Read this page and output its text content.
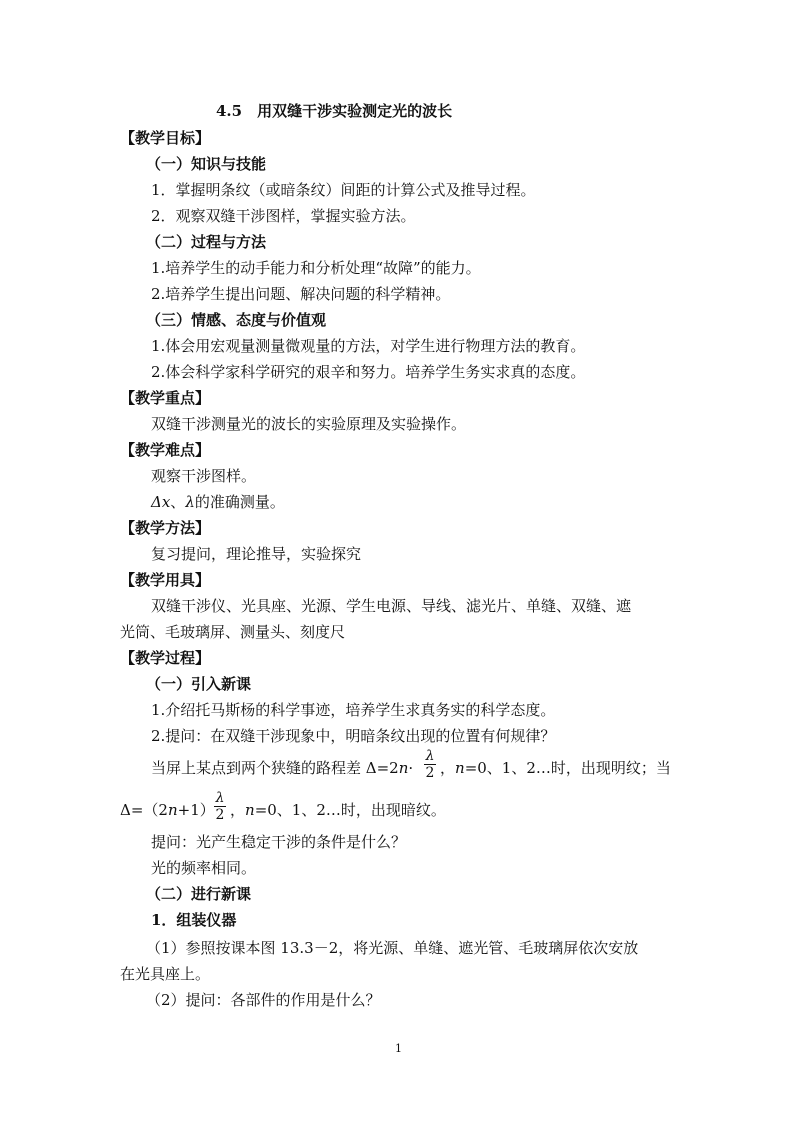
4.5　用双缝干涉实验测定光的波长
【教学目标】
（一）知识与技能
1．掌握明条纹（或暗条纹）间距的计算公式及推导过程。
2．观察双缝干涉图样，掌握实验方法。
（二）过程与方法
1.培养学生的动手能力和分析处理“故障”的能力。
2.培养学生提出问题、解决问题的科学精神。
（三）情感、态度与价值观
1.体会用宏观量测量微观量的方法，对学生进行物理方法的教育。
2.体会科学家科学研究的艰辛和努力。培养学生务实求真的态度。
【教学重点】
双缝干涉测量光的波长的实验原理及实验操作。
【教学难点】
观察干涉图样。
Δx、λ的准确测量。
【教学方法】
复习提问，理论推导，实验探究
【教学用具】
双缝干涉仪、光具座、光源、学生电源、导线、滤光片、单缝、双缝、遮
光筒、毛玻璃屏、测量头、刻度尺
【教学过程】
（一）引入新课
1.介绍托马斯杨的科学事迹，培养学生求真务实的科学态度。
2.提问：在双缝干涉现象中，明暗条纹出现的位置有何规律？
当屏上某点到两个狭缝的路程差 $\Delta=2n\cdot \frac{\lambda}{2}$ ，n=0、1、2…时，出现明纹；当
$\Delta=(2n+1) \frac{\lambda}{2}$ ，n=0、1、2…时，出现暗纹。
提问：光产生稳定干涉的条件是什么？
光的频率相同。
（二）进行新课
1．组装仪器
（1）参照按课本图 13.3－2，将光源、单缝、遮光管、毛玻璃屏依次安放
在光具座上。
（2）提问：各部件的作用是什么？
1
